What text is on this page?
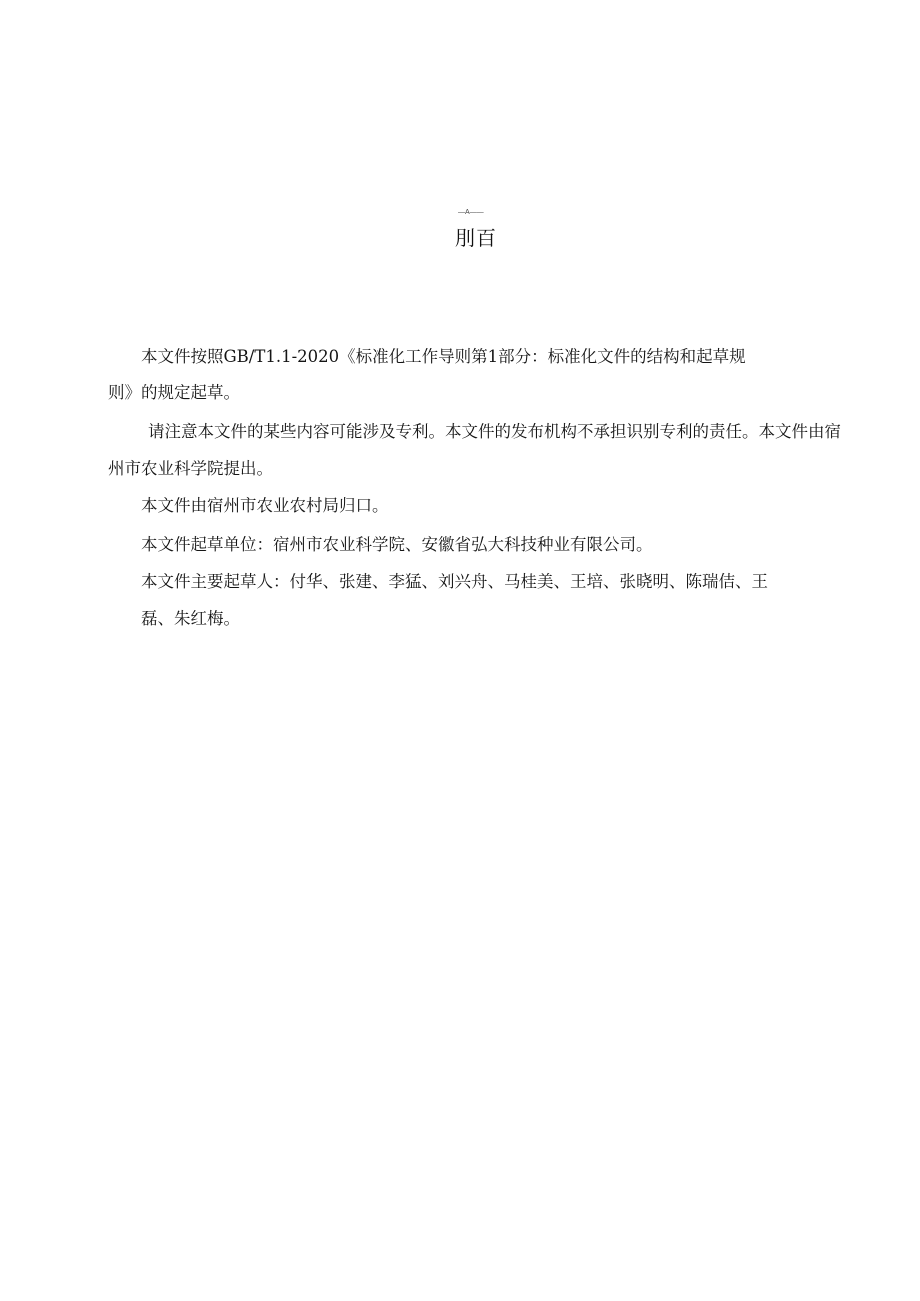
—A——
刖百
本文件按照GB/T1.1-2020《标准化工作导则第1部分：标准化文件的结构和起草规
则》的规定起草。
请注意本文件的某些内容可能涉及专利。本文件的发布机构不承担识别专利的责任。本文件由宿
州市农业科学院提出。
本文件由宿州市农业农村局归口。
本文件起草单位：宿州市农业科学院、安徽省弘大科技种业有限公司。
本文件主要起草人：付华、张建、李猛、刘兴舟、马桂美、王培、张晓明、陈瑞佶、王
磊、朱红梅。
